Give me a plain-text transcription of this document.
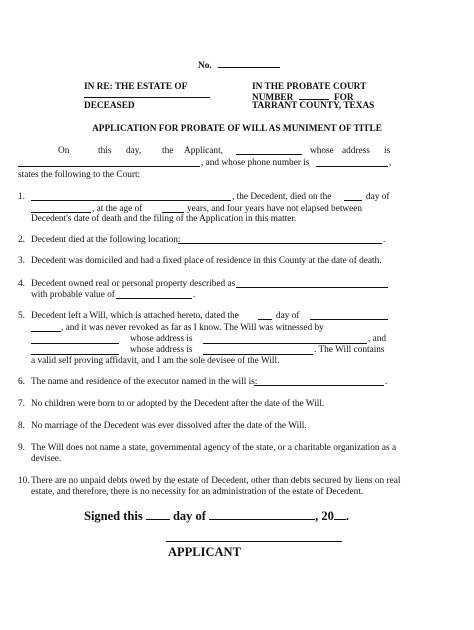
No.
IN RE: THE ESTATE OF
DECEASED
IN THE PROBATE COURT
NUMBER	FOR
TARRANT COUNTY, TEXAS
APPLICATION FOR PROBATE OF WILL AS MUNIMENT OF TITLE
On	this day, the Applicant,	whose address is
, and whose phone number is	,
states the following to the Court:
1.	, the Decedent, died on the	day of
, at the age of	years, and four years have not elapsed between
Decedent's date of death and the filing of the Application in this matter.
2. Decedent died at the following location:	.
3. Decedent was domiciled and had a fixed place of residence in this County at the date of death.
4. Decedent owned real or personal property described as
with probable value of	.
5. Decedent left a Will, which is attached hereto, dated the	day of
, and it was never revoked as far as I know. The Will was witnessed by
whose address is	, and
whose address is	. The Will contains
a valid self proving affidavit, and I am the sole devisee of the Will.
6. The name and residence of the executor named in the will is:	.
7. No children were born to or adopted by the Decedent after the date of the Will.
8. No marriage of the Decedent was ever dissolved after the date of the Will.
9. The Will does not name a state, governmental agency of the state, or a charitable organization as a
devisee.
10. There are no unpaid debts owed by the estate of Decedent, other than debts secured by liens on real
estate, and therefore, there is no necessity for an administration of the estate of Decedent.
Signed this day of	, 20 .
APPLICANT
